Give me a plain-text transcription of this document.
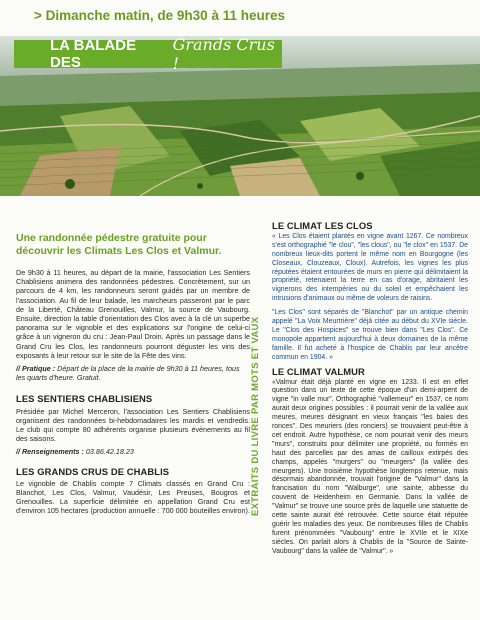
> Dimanche matin, de 9h30 à 11 heures
LA BALADE DES
Grands Crus !

Une randonnée pédestre gratuite pour découvrir les Climats Les Clos et Valmur.

De 9h30 à 11 heures, au départ de la mairie, l'association Les Sentiers Chablisiens animera des randonnées pédestres. Concrètement, sur un parcours de 4 km, les randonneurs seront guidés par un membre de l'association. Au fil de leur balade, les marcheurs passeront par le parc de la Liberté, Château Grenouilles, Valmur, la source de Vaubourg. Ensuite, direction la table d'orientation des Clos avec à la clé un superbe panorama sur le vignoble et des explications sur l'origine de celui-ci grâce à un vigneron du cru : Jean-Paul Droin. Après un passage dans le Grand Cru les Clos, les randonneurs pourront déguster les vins des exposants à leur retour sur le site de la Fête des vins.

// Pratique : Départ de la place de la mairie de 9h30 à 11 heures, tous les quarts d'heure. Gratuit.

LES SENTIERS CHABLISIENS

Présidée par Michel Merceron, l'association Les Sentiers Chablisiens organisent des randonnées bi-hebdomadaires les mardis et vendredis. Le club qui compte 80 adhérents organise plusieurs évènements au fil des saisons.

// Renseignements : 03.86.42.18.23

LES GRANDS CRUS DE CHABLIS

Le vignoble de Chablis compte 7 Climats classés en Grand Cru : Blanchot, Les Clos, Valmur, Vaudésir, Les Preuses, Bougros et Grenouilles. La superficie délimitée en appellation Grand Cru est d'environ 105 hectares (production annuelle : 700 000 bouteilles environ). EXTRAITS DU LIVRE PAR MOTS ET VAUX
LE CLIMAT LES CLOS

« Les Clos étaient plantés en vigne avant 1267. Ce nombreux s'est orthographié "le clou", "les clous", ou "le clox" en 1537. De nombreux lieux-dits portent le même nom en Bourgogne (les Closeaux, Clouzeaux, Cloux). Autrefois, les vignes les plus réputées étaient entourées de murs en pierre qui délimitaient la propriété, retenaient la terre en cas d'orage, abritaient les vignerons des intempéries ou du soleil et empêchaient les intrusions d'animaux ou même de voleurs de raisins.

"Les Clos" sont séparés de "Blanchot" par un antique chemin appelé "La Voix Meurtrière" déjà citée au début du XVIe siècle. Le "Clos des Hospices" se trouve bien dans "Les Clos". Ce monopole appartient aujourd'hui à deux domaines de la même famille. Il fut acheté à l'hospice de Chablis par leur ancêtre commun en 1904. »

LE CLIMAT VALMUR

«Valmur était déjà planté en vigne en 1233. Il est en effet question dans un texte de cette époque d'un demi-arpent de vigne "in valle mur". Orthographié "vallemeur" en 1537, ce nom aurait deux origines possibles : il pourrait venir de la vallée aux meures, meures désignant en vieux français "les baies des ronces". Des meuriers (des ronciers) se trouvaient peut-être à cet endroit. Autre hypothèse, ce nom pourrait venir des meurs "murs", construits pour délimiter une propriété, ou formés en haut des parcelles par des amas de cailloux extirpés des champs, appelés "murgers" ou "meurgers" (la vallée des meurgers). Une troisième hypothèse longtemps retenue, mais désormais abandonnée, trouvait l'origine de "Valmur" dans la francisation du nom "Walburge", une sainte, abbesse du couvent de Heidenheim en Germanie. Dans la vallée de "Valmur" se trouve une source près de laquelle une statuette de cette sainte aurait été retrouvée. Cette source était réputée guérir les maladies des yeux. De nombreuses filles de Chablis furent prénommées "Vaubourg" entre le XVIIe et le XIXe siècles. On parlait alors à Chablis de la "Source de Sainte-Vaubourg" dans la vallée de "Valmur". »
